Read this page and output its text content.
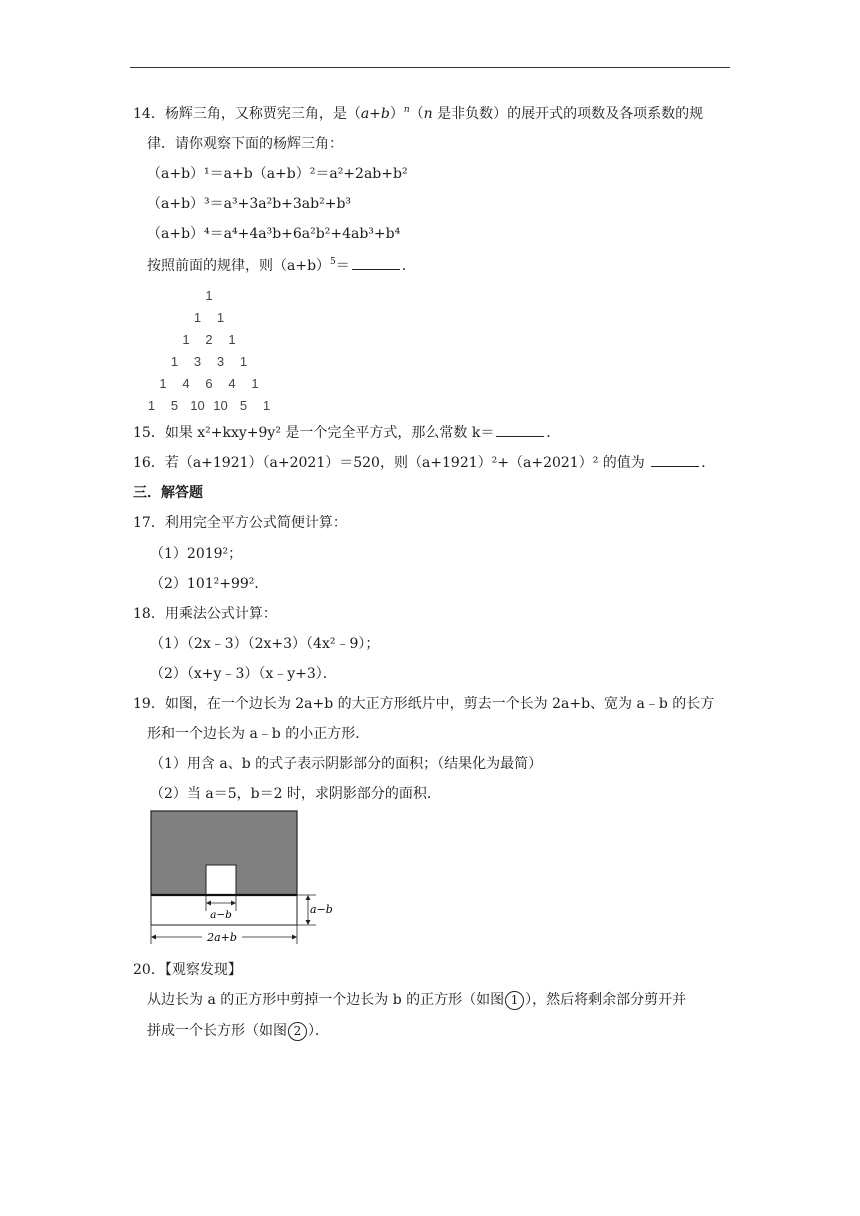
14．杨辉三角，又称贾宪三角，是$(a+b)^n(n$ 是非负数）的展开式的项数及各项系数的规
律．请你观察下面的杨辉三角：
（a+b）¹＝a+b（a+b）²＝a²+2ab+b²
（a+b）³＝a³+3a²b+3ab²+b³
（a+b）⁴＝a⁴+4a³b+6a²b²+4ab³+b⁴
按照前面的规律，则$(a+b)^5=$	．
1
1	1
1	2	1
1	3	3	1
1	4	6	4	1
1	5 10 10 5	1
15．如果 x²+kxy+9y² 是一个完全平方式，那么常数 k＝	．
16．若（a+1921）（a+2021）＝520，则（a+1921）²+（a+2021）² 的值为	．
三．解答题
17．利用完全平方公式简便计算：
（1）2019²；
（2）101²+99²．
18．用乘法公式计算：
（1）（2x﹣3）（2x+3）（4x²﹣9）；
（2）（x+y﹣3）（x﹣y+3）．
19．如图，在一个边长为 2a+b 的大正方形纸片中，剪去一个长为 2a+b、宽为 a﹣b 的长方
形和一个边长为 a﹣b 的小正方形．
（1）用含 a、b 的式子表示阴影部分的面积；（结果化为最简）
（2）当 a＝5，b＝2 时，求阴影部分的面积．
a−b	a−b
2a+b
20．【观察发现】
从边长为 a 的正方形中剪掉一个边长为 b 的正方形（如图 1 ），然后将剩余部分剪开并
拼成一个长方形（如图 2 ）．
